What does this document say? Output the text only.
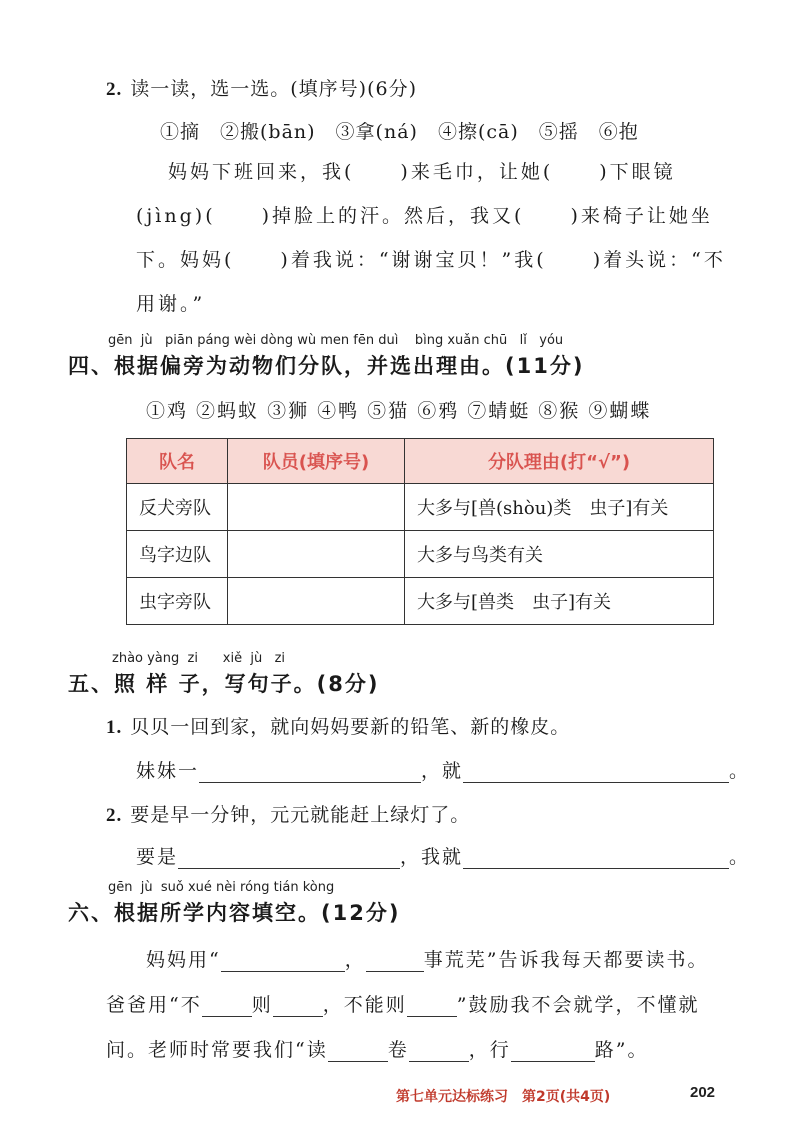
2. 读一读，选一选。(填序号)(6分)
①摘　②搬(bān)　③拿(ná)　④擦(cā)　⑤摇　⑥抱
妈妈下班回来，我( )来毛巾，让她( )下眼镜(jìng)( )掉脸上的汗。然后，我又( )来椅子让她坐下。妈妈( )着我说：“谢谢宝贝！”我( )着头说：“不用谢。”
gēn  jù   piān páng wèi dòng wù men fēn duì    bìng xuǎn chū   lǐ   yóu
四、根据偏旁为动物们分队，并选出理由。(11分)
①鸡 ②蚂蚁 ③狮 ④鸭 ⑤猫 ⑥鸦 ⑦蜻蜓 ⑧猴 ⑨蝴蝶
队名	队员(填序号)	分队理由(打“√”)
反犬旁队		大多与[兽(shòu)类　虫子]有关
鸟字边队		大多与鸟类有关
虫字旁队		大多与[兽类　虫子]有关
zhào yàng  zi      xiě  jù   zi
五、照 样 子，写句子。(8分)
1. 贝贝一回到家，就向妈妈要新的铅笔、新的橡皮。
妹妹一	，就	。
2. 要是早一分钟，元元就能赶上绿灯了。
要是	，我就	。
gēn  jù  suǒ xué nèi róng tián kòng
六、根据所学内容填空。(12分)
妈妈用“	，	事荒芜”告诉我每天都要读书。
爸爸用“不	则	，不能则	”鼓励我不会就学，不懂就
问。老师时常要我们“读	卷	，行	路”。
第七单元达标练习　第2页(共4页)	202
